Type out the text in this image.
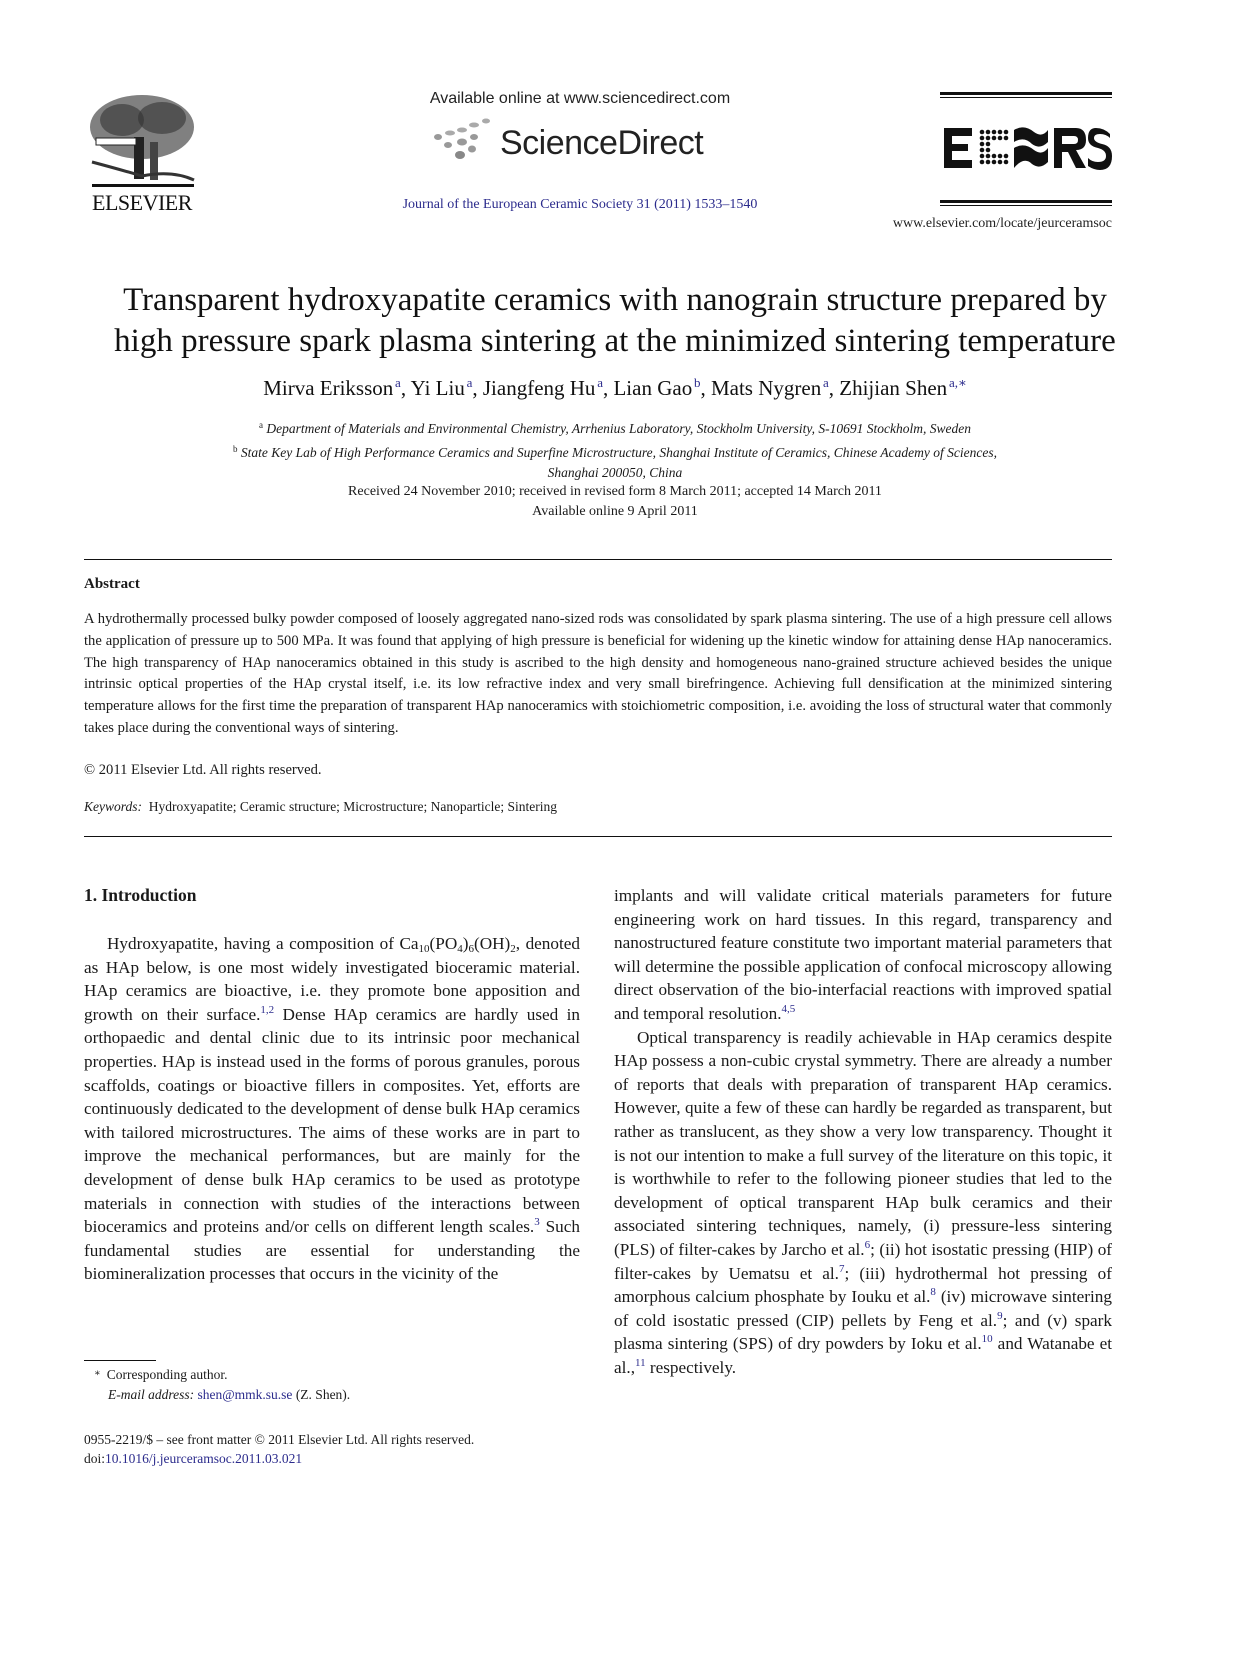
ELSEVIER
Available online at www.sciencedirect.com
ScienceDirect
Journal of the European Ceramic Society 31 (2011) 1533–1540
www.elsevier.com/locate/jeurceramsoc
Transparent hydroxyapatite ceramics with nanograin structure prepared by
high pressure spark plasma sintering at the minimized sintering temperature
Mirva Eriksson  $^a$, Yi Liu  $^a$, Jiangfeng Hu  $^a$, Lian Gao  $^b$, Mats Nygren  $^a$, Zhijian Shen  $^{a,∗}$
$^a$ Department of Materials and Environmental Chemistry, Arrhenius Laboratory, Stockholm University, S-10691 Stockholm, Sweden
$^b$ State Key Lab of High Performance Ceramics and Superfine Microstructure, Shanghai Institute of Ceramics, Chinese Academy of Sciences,
Shanghai 200050, China
Received 24 November 2010; received in revised form 8 March 2011; accepted 14 March 2011
Available online 9 April 2011
Abstract
A hydrothermally processed bulky powder composed of loosely aggregated nano-sized rods was consolidated by spark plasma sintering. The use of a high pressure cell allows the application of pressure up to 500 MPa. It was found that applying of high pressure is beneficial for widening up the kinetic window for attaining dense HAp nanoceramics. The high transparency of HAp nanoceramics obtained in this study is ascribed to the high density and homogeneous nano-grained structure achieved besides the unique intrinsic optical properties of the HAp crystal itself, i.e. its low refractive index and very small birefringence. Achieving full densification at the minimized sintering temperature allows for the first time the preparation of transparent HAp nanoceramics with stoichiometric composition, i.e. avoiding the loss of structural water that commonly takes place during the conventional ways of sintering.
© 2011 Elsevier Ltd. All rights reserved.
Keywords: Hydroxyapatite; Ceramic structure; Microstructure; Nanoparticle; Sintering
1. Introduction

Hydroxyapatite, having a composition of $Ca_{10}(PO_4)_6(OH)_2$, denoted as HAp below, is one most widely investigated bioceramic material. HAp ceramics are bioactive, i.e. they promote bone apposition and growth on their surface.$^{1,2}$ Dense HAp ceramics are hardly used in orthopaedic and dental clinic due to its intrinsic poor mechanical properties. HAp is instead used in the forms of porous granules, porous scaffolds, coatings or bioactive fillers in composites. Yet, efforts are continuously dedicated to the development of dense bulk HAp ceramics with tailored microstructures. The aims of these works are in part to improve the mechanical performances, but are mainly for the development of dense bulk HAp ceramics to be used as prototype materials in connection with studies of the interactions between bioceramics and proteins and/or cells on different length scales.$^3$ Such fundamental studies are essential for understanding the biomineralization processes that occurs in the vicinity of the

implants and will validate critical materials parameters for future engineering work on hard tissues. In this regard, transparency and nanostructured feature constitute two important material parameters that will determine the possible application of confocal microscopy allowing direct observation of the bio-interfacial reactions with improved spatial and temporal resolution.$^{4,5}$

Optical transparency is readily achievable in HAp ceramics despite HAp possess a non-cubic crystal symmetry. There are already a number of reports that deals with preparation of transparent HAp ceramics. However, quite a few of these can hardly be regarded as transparent, but rather as translucent, as they show a very low transparency. Thought it is not our intention to make a full survey of the literature on this topic, it is worthwhile to refer to the following pioneer studies that led to the development of optical transparent HAp bulk ceramics and their associated sintering techniques, namely, (i) pressure-less sintering (PLS) of filter-cakes by Jarcho et al.$^6$; (ii) hot isostatic pressing (HIP) of filter-cakes by Uematsu et al.$^7$; (iii) hydrothermal hot pressing of amorphous calcium phosphate by Iouku et al.$^8$ (iv) microwave sintering of cold isostatic pressed (CIP) pellets by Feng et al.$^9$; and (v) spark plasma sintering (SPS) of dry powders by Ioku et al.$^{10}$ and Watanabe et al.,$^{11}$ respectively.

∗ Corresponding author.
E-mail address: shen@mmk.su.se (Z. Shen).
0955-2219/$ – see front matter © 2011 Elsevier Ltd. All rights reserved.
doi:10.1016/j.jeurceramsoc.2011.03.021
